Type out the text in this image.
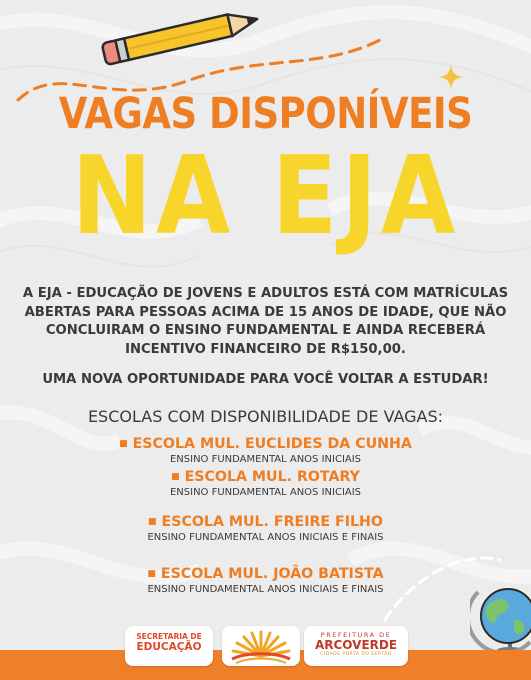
VAGAS DISPONÍVEIS
NA EJA
A EJA - EDUCAÇÃO DE JOVENS E ADULTOS ESTÁ COM MATRÍCULAS
ABERTAS PARA PESSOAS ACIMA DE 15 ANOS DE IDADE, QUE NÃO
CONCLUIRAM O ENSINO FUNDAMENTAL E AINDA RECEBERÁ
INCENTIVO FINANCEIRO DE R$150,00.
UMA NOVA OPORTUNIDADE PARA VOCÊ VOLTAR A ESTUDAR!
ESCOLAS COM DISPONIBILIDADE DE VAGAS:
■ ESCOLA MUL. EUCLIDES DA CUNHA
ENSINO FUNDAMENTAL ANOS INICIAIS
■ ESCOLA MUL. ROTARY
ENSINO FUNDAMENTAL ANOS INICIAIS
■ ESCOLA MUL. FREIRE FILHO
ENSINO FUNDAMENTAL ANOS INICIAIS E FINAIS
■ ESCOLA MUL. JOÃO BATISTA
ENSINO FUNDAMENTAL ANOS INICIAIS E FINAIS
SECRETARIA DE
EDUCAÇÃO
PREFEITURA DE
ARCOVERDE
CIDADE PORTA DO SERTÃO
